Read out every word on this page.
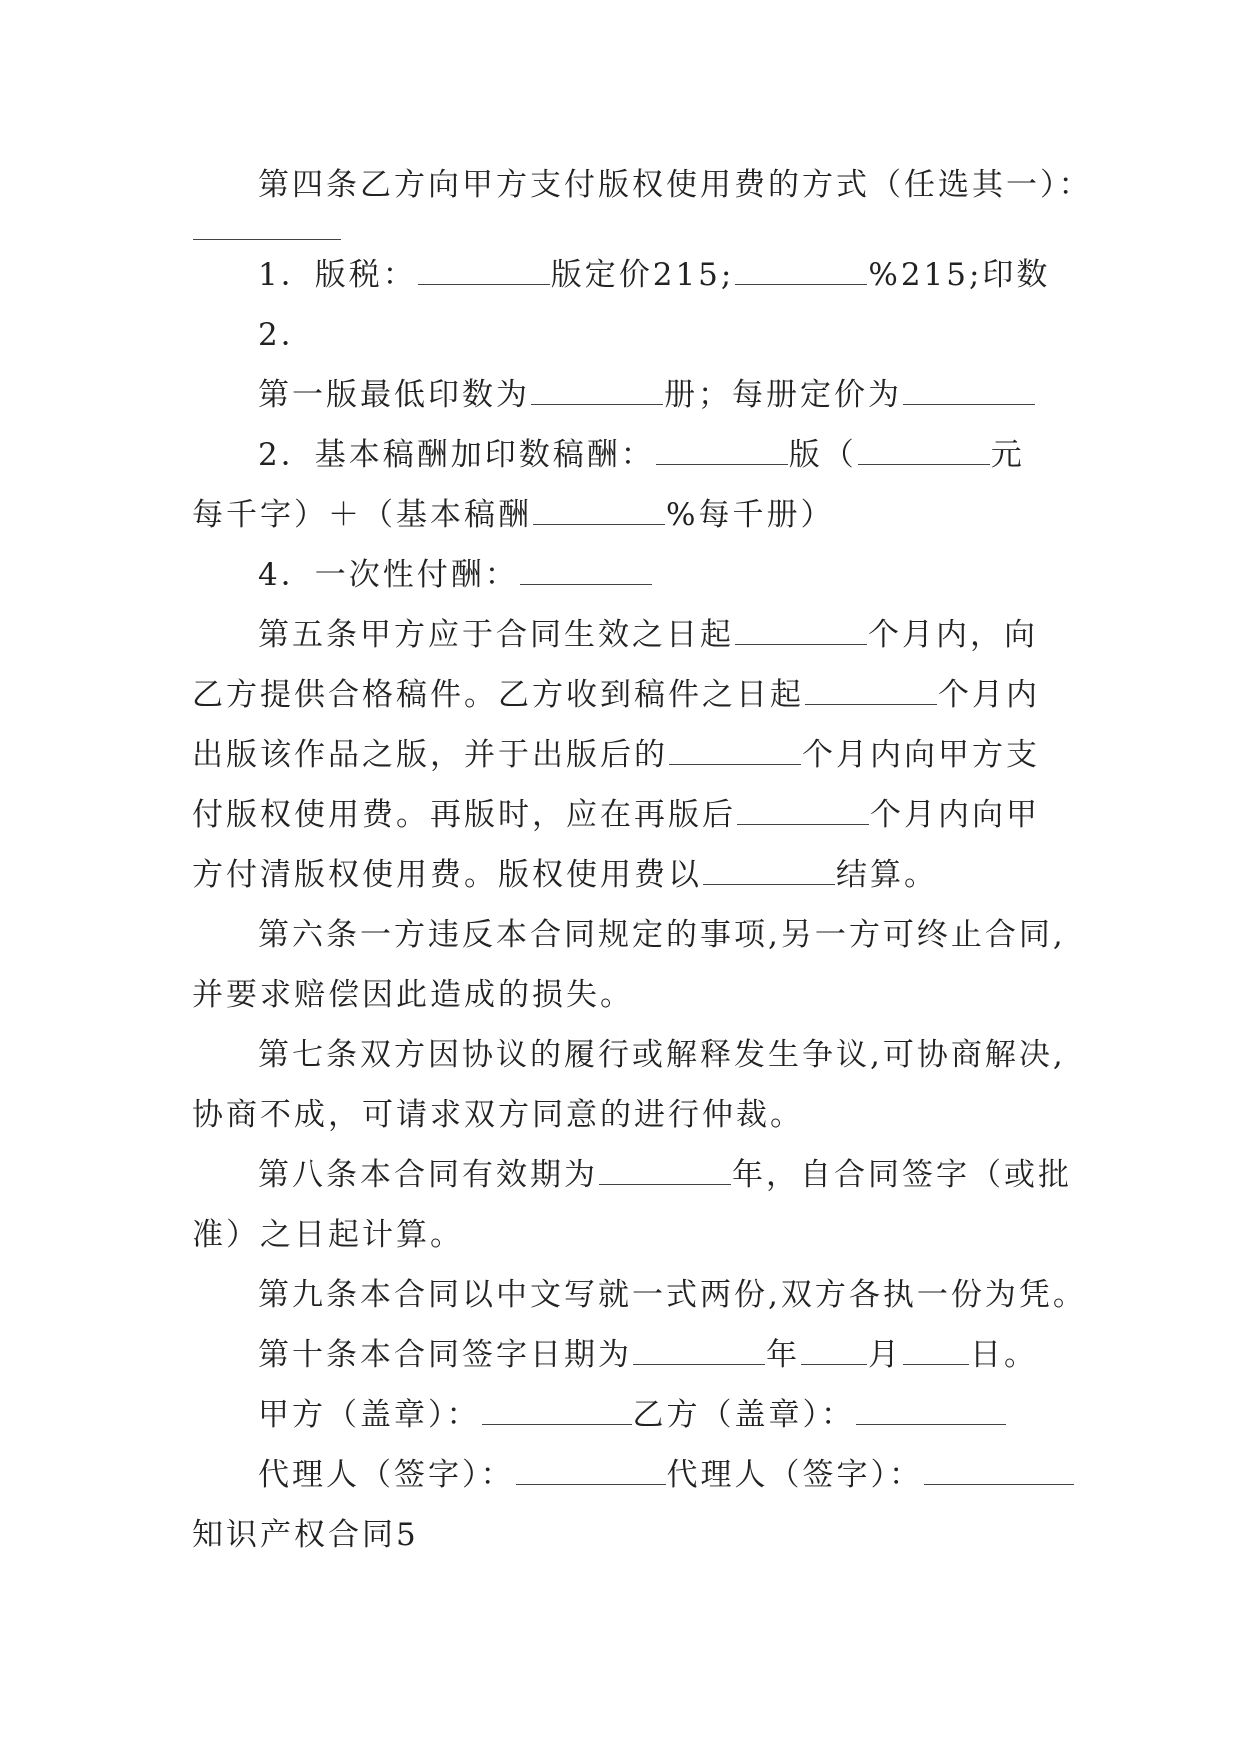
第四条乙方向甲方支付版权使用费的方式（任选其一）：
1．版税：	版定价215;	%215;印数
2．
第一版最低印数为	册；每册定价为
2．基本稿酬加印数稿酬：	版（	元
每千字）＋（基本稿酬	%每千册）
4．一次性付酬：
第五条甲方应于合同生效之日起	个月内，向
乙方提供合格稿件。乙方收到稿件之日起	个月内
出版该作品之版，并于出版后的	个月内向甲方支
付版权使用费。再版时，应在再版后	个月内向甲
方付清版权使用费。版权使用费以	结算。
第六条一方违反本合同规定的事项,另一方可终止合同,
并要求赔偿因此造成的损失。
第七条双方因协议的履行或解释发生争议,可协商解决,
协商不成，可请求双方同意的进行仲裁。
第八条本合同有效期为	年，自合同签字（或批
准）之日起计算。
第九条本合同以中文写就一式两份,双方各执一份为凭。
第十条本合同签字日期为	年 月 日。
甲方（盖章）：	乙方（盖章）：
代理人（签字）：	代理人（签字）：
知识产权合同5
